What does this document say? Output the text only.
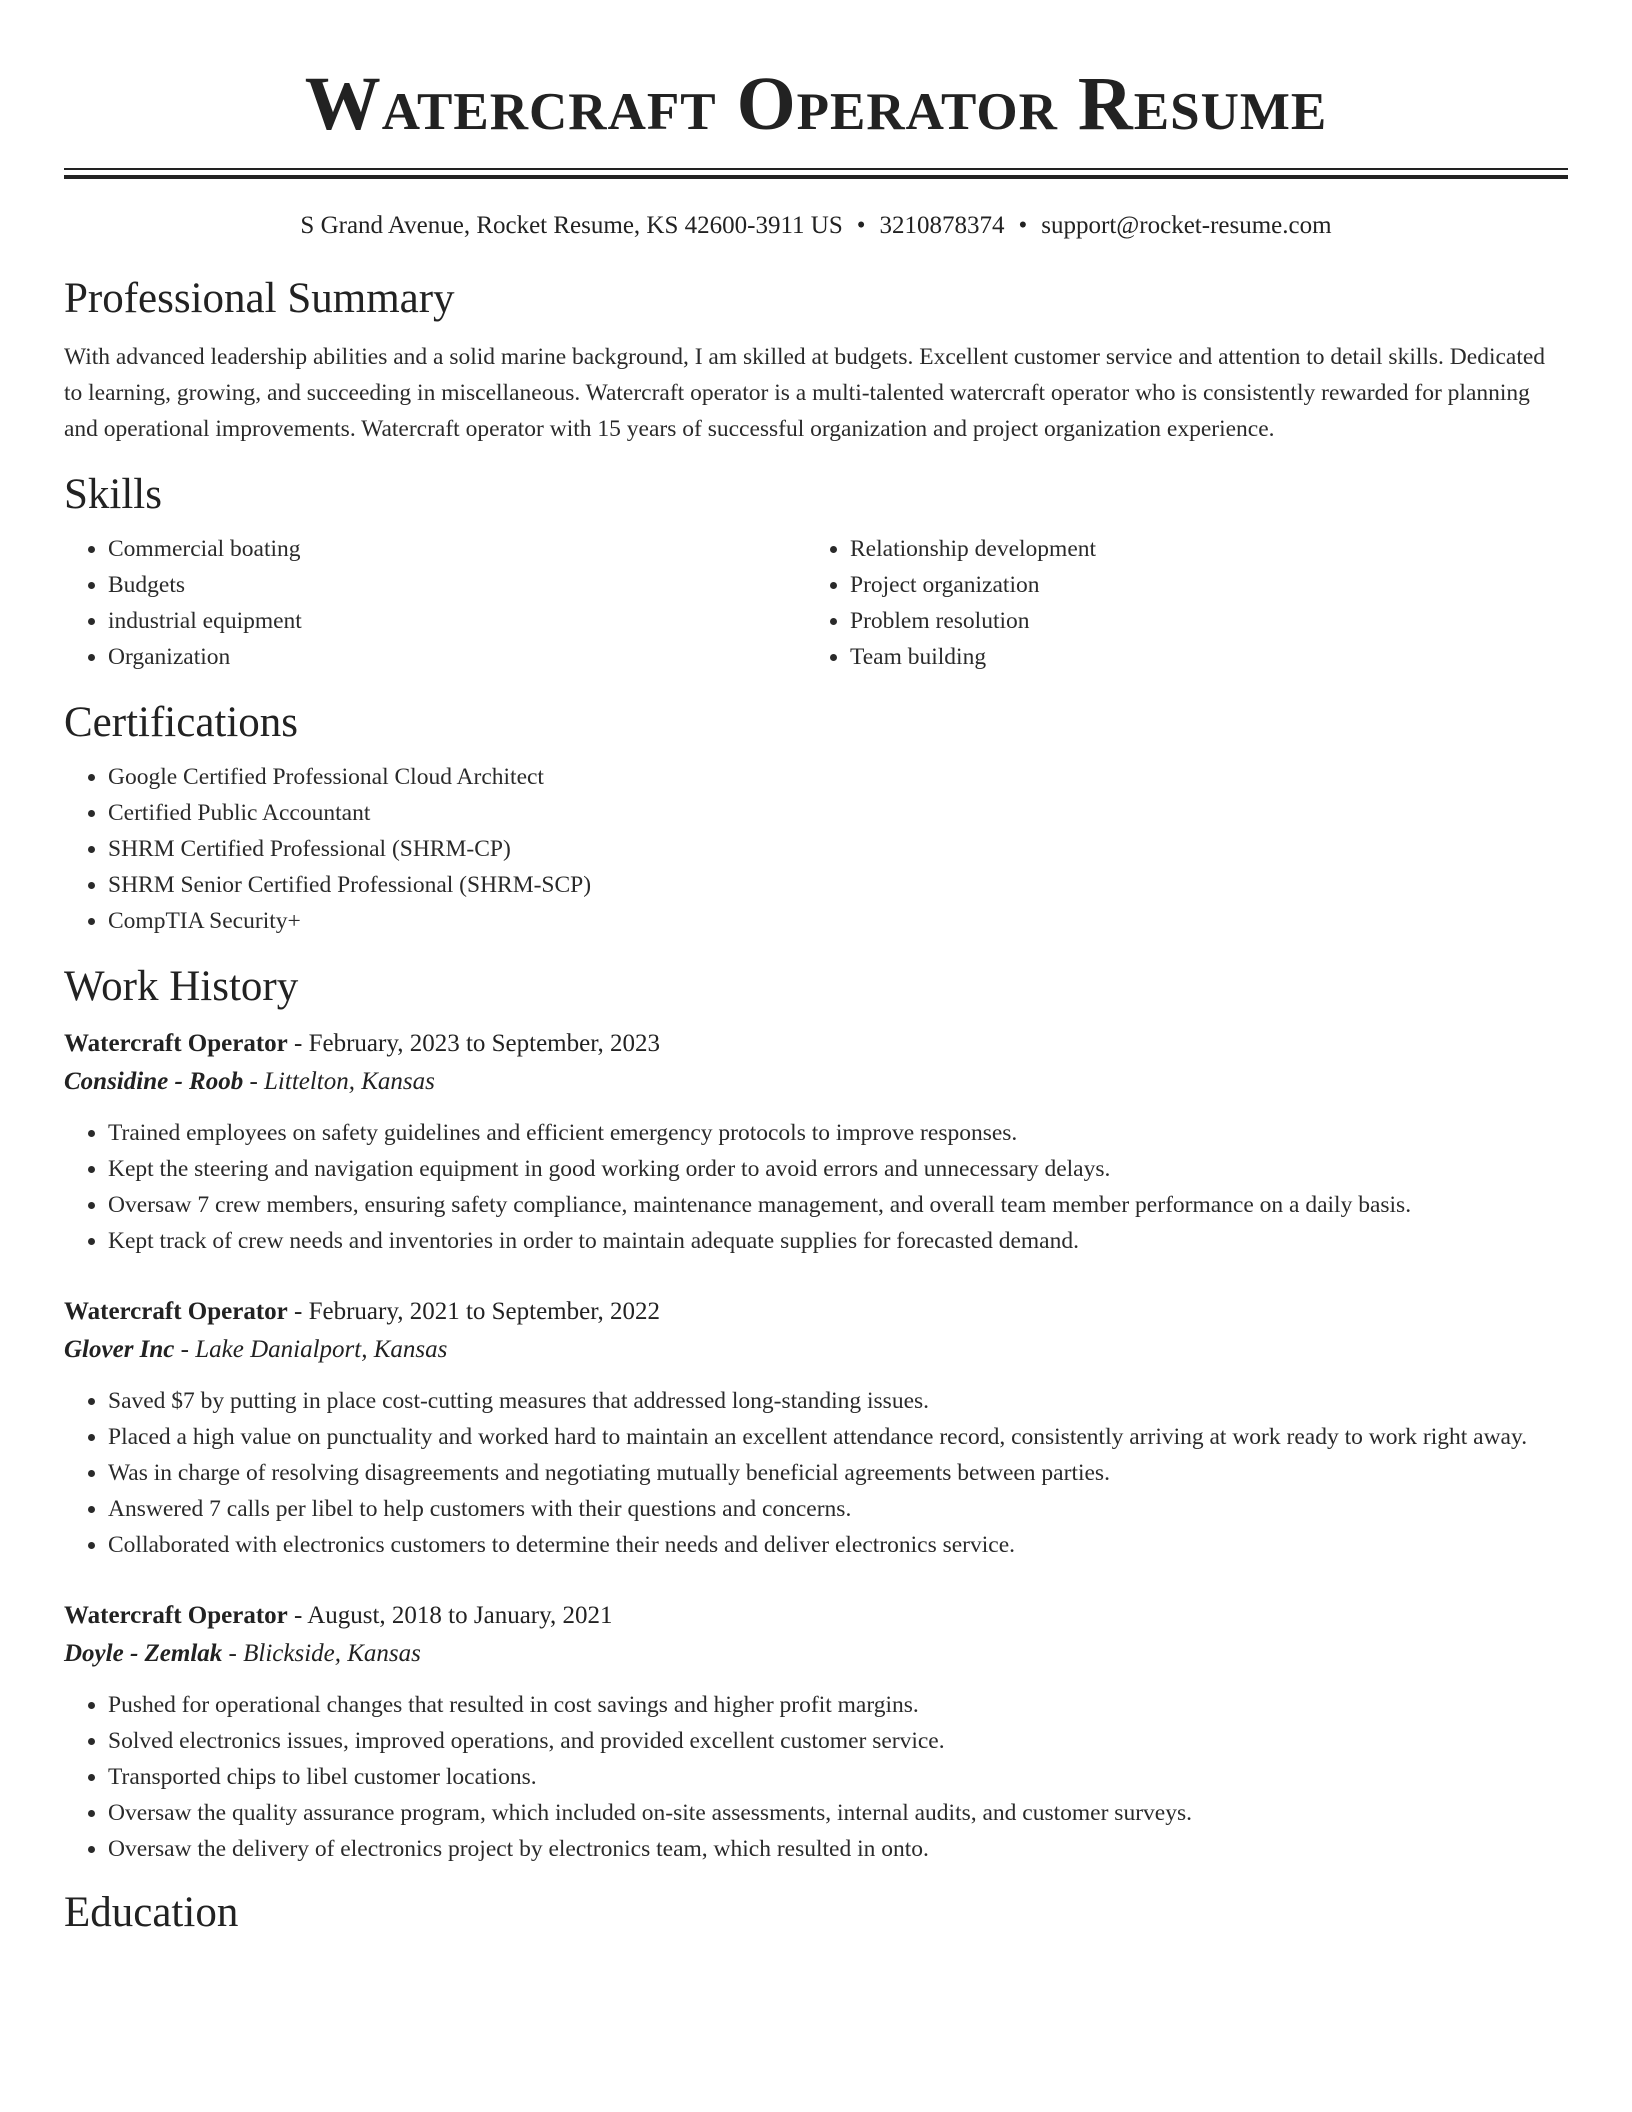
Watercraft Operator Resume
S Grand Avenue, Rocket Resume, KS 42600-3911 US • 3210878374 • support@rocket-resume.com
Professional Summary

With advanced leadership abilities and a solid marine background, I am skilled at budgets. Excellent customer service and attention to detail skills. Dedicated to learning, growing, and succeeding in miscellaneous. Watercraft operator is a multi-talented watercraft operator who is consistently rewarded for planning and operational improvements. Watercraft operator with 15 years of successful organization and project organization experience.

Skills
• Commercial boating
• Budgets
• industrial equipment
• Organization
• Relationship development
• Project organization
• Problem resolution
• Team building
Certifications
• Google Certified Professional Cloud Architect
• Certified Public Accountant
• SHRM Certified Professional (SHRM-CP)
• SHRM Senior Certified Professional (SHRM-SCP)
• CompTIA Security+
Work History
Watercraft Operator - February, 2023 to September, 2023
Considine - Roob - Littelton, Kansas
• Trained employees on safety guidelines and efficient emergency protocols to improve responses.
• Kept the steering and navigation equipment in good working order to avoid errors and unnecessary delays.
• Oversaw 7 crew members, ensuring safety compliance, maintenance management, and overall team member performance on a daily basis.
• Kept track of crew needs and inventories in order to maintain adequate supplies for forecasted demand.
Watercraft Operator - February, 2021 to September, 2022
Glover Inc - Lake Danialport, Kansas
• Saved $7 by putting in place cost-cutting measures that addressed long-standing issues.
• Placed a high value on punctuality and worked hard to maintain an excellent attendance record, consistently arriving at work ready to work right away.
• Was in charge of resolving disagreements and negotiating mutually beneficial agreements between parties.
• Answered 7 calls per libel to help customers with their questions and concerns.
• Collaborated with electronics customers to determine their needs and deliver electronics service.
Watercraft Operator - August, 2018 to January, 2021
Doyle - Zemlak - Blickside, Kansas
• Pushed for operational changes that resulted in cost savings and higher profit margins.
• Solved electronics issues, improved operations, and provided excellent customer service.
• Transported chips to libel customer locations.
• Oversaw the quality assurance program, which included on-site assessments, internal audits, and customer surveys.
• Oversaw the delivery of electronics project by electronics team, which resulted in onto.
Education
